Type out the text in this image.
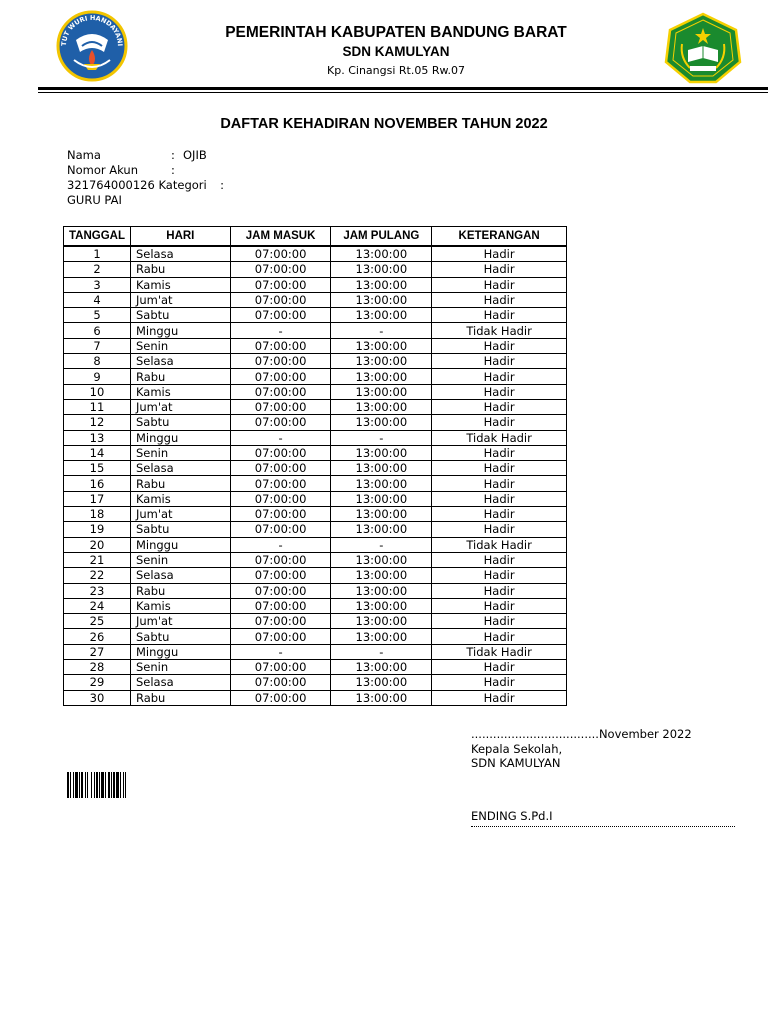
TUT WURI HANDAYANI
PEMERINTAH KABUPATEN BANDUNG BARAT
SDN KAMULYAN
Kp. Cinangsi Rt.05 Rw.07
DAFTAR KEHADIRAN NOVEMBER TAHUN 2022
Nama	: OJIB
Nomor Akun	:
321764000126 Kategori :
GURU PAI
TANGGAL	HARI	JAM MASUK	JAM PULANG	KETERANGAN
1	Selasa	07:00:00	13:00:00	Hadir
2	Rabu	07:00:00	13:00:00	Hadir
3	Kamis	07:00:00	13:00:00	Hadir
4	Jum'at	07:00:00	13:00:00	Hadir
5	Sabtu	07:00:00	13:00:00	Hadir
6	Minggu	-	-	Tidak Hadir
7	Senin	07:00:00	13:00:00	Hadir
8	Selasa	07:00:00	13:00:00	Hadir
9	Rabu	07:00:00	13:00:00	Hadir
10	Kamis	07:00:00	13:00:00	Hadir
11	Jum'at	07:00:00	13:00:00	Hadir
12	Sabtu	07:00:00	13:00:00	Hadir
13	Minggu	-	-	Tidak Hadir
14	Senin	07:00:00	13:00:00	Hadir
15	Selasa	07:00:00	13:00:00	Hadir
16	Rabu	07:00:00	13:00:00	Hadir
17	Kamis	07:00:00	13:00:00	Hadir
18	Jum'at	07:00:00	13:00:00	Hadir
19	Sabtu	07:00:00	13:00:00	Hadir
20	Minggu	-	-	Tidak Hadir
21	Senin	07:00:00	13:00:00	Hadir
22	Selasa	07:00:00	13:00:00	Hadir
23	Rabu	07:00:00	13:00:00	Hadir
24	Kamis	07:00:00	13:00:00	Hadir
25	Jum'at	07:00:00	13:00:00	Hadir
26	Sabtu	07:00:00	13:00:00	Hadir
27	Minggu	-	-	Tidak Hadir
28	Senin	07:00:00	13:00:00	Hadir
29	Selasa	07:00:00	13:00:00	Hadir
30	Rabu	07:00:00	13:00:00	Hadir
...................................November 2022
Kepala Sekolah, SDN KAMULYAN
ENDING S.Pd.I
